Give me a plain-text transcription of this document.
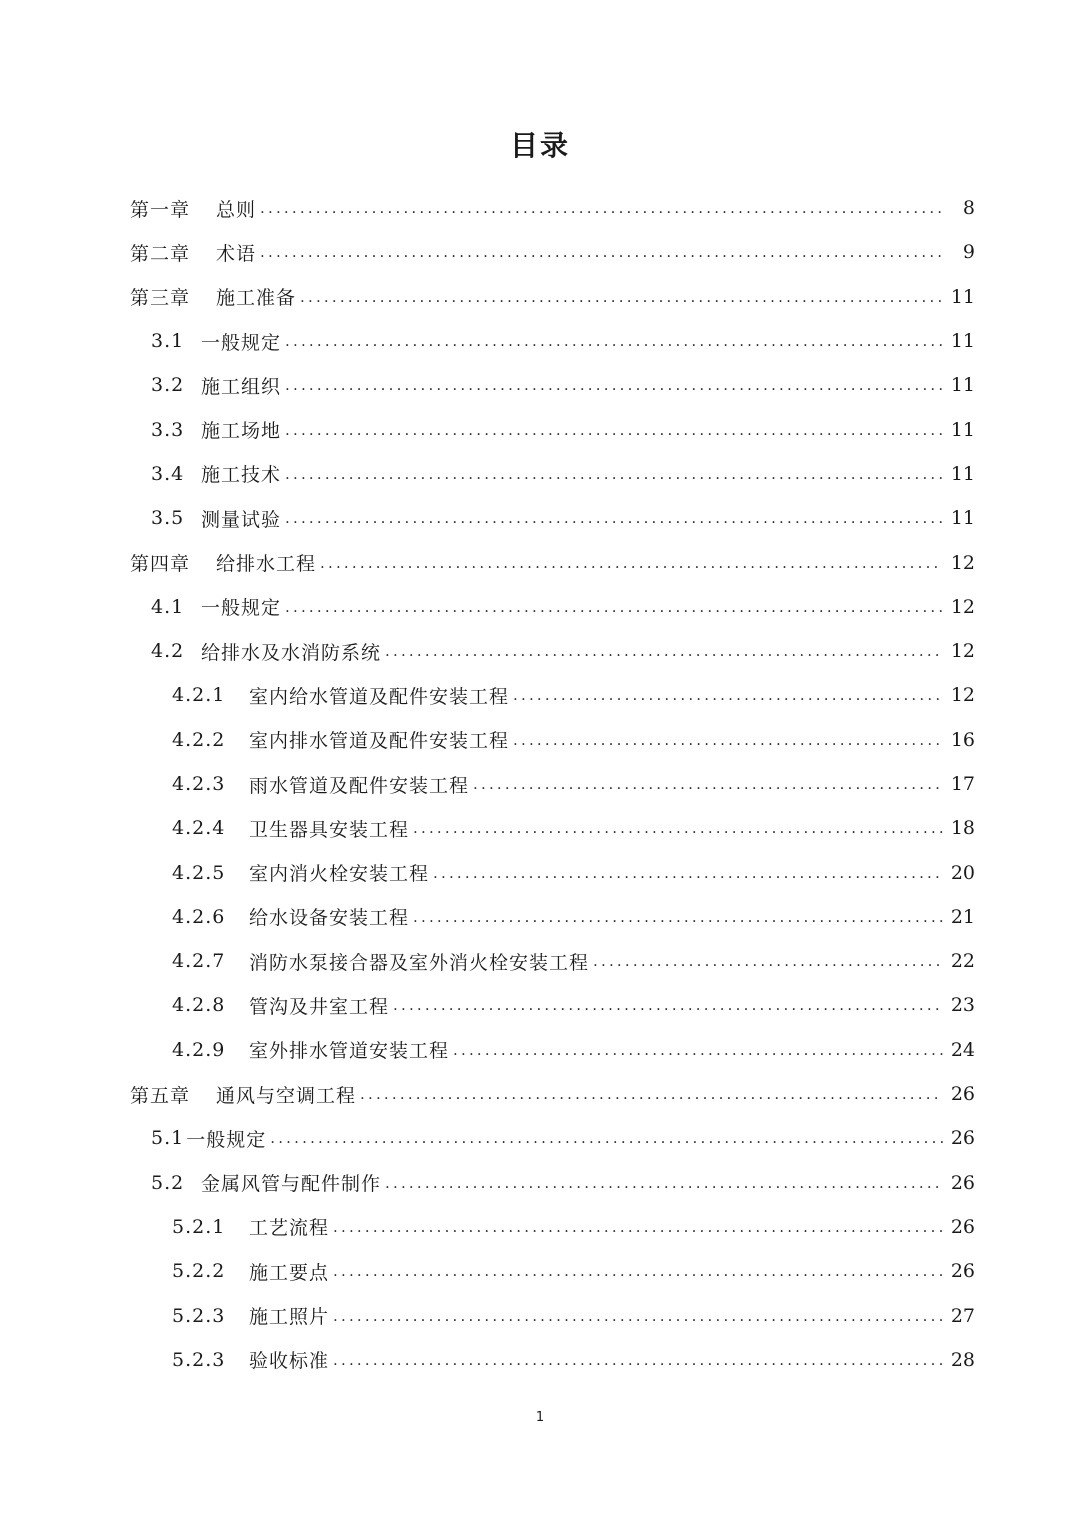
目录
第一章	总则 .....	8
第二章	术语 .....	9
第三章	施工准备 .....	11
3.1 一般规定 .....	11
3.2 施工组织 .....	11
3.3 施工场地 .....	11
3.4 施工技术 .....	11
3.5 测量试验 .....	11
第四章	给排水工程 .....	12
4.1 一般规定 .....	12
4.2 给排水及水消防系统 .....	12
4.2.1	室内给水管道及配件安装工程 .....	12
4.2.2	室内排水管道及配件安装工程 .....	16
4.2.3	雨水管道及配件安装工程 .....	17
4.2.4	卫生器具安装工程 .....	18
4.2.5	室内消火栓安装工程 .....	20
4.2.6	给水设备安装工程 .....	21
4.2.7	消防水泵接合器及室外消火栓安装工程 .....	22
4.2.8	管沟及井室工程 .....	23
4.2.9	室外排水管道安装工程 .....	24
第五章	通风与空调工程 .....	26
5.1 一般规定 .....	26
5.2 金属风管与配件制作 .....	26
5.2.1	工艺流程 .....	26
5.2.2	施工要点 .....	26
5.2.3	施工照片 .....	27
5.2.3	验收标准 .....	28
1
